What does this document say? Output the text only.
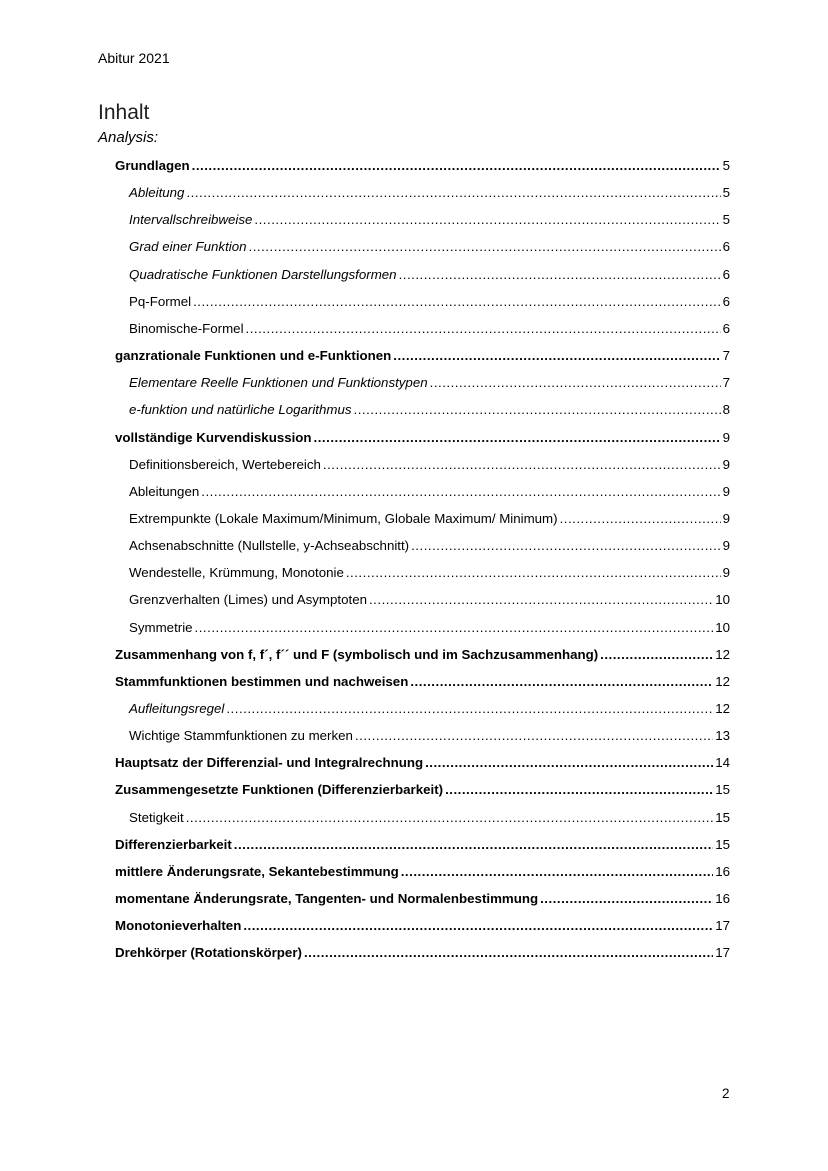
Abitur 2021
Inhalt
Analysis:
Grundlagen .....	5
Ableitung .....	5
Intervallschreibweise .....	5
Grad einer Funktion .....	6
Quadratische Funktionen Darstellungsformen .....	6
Pq-Formel .....	6
Binomische-Formel .....	6
ganzrationale Funktionen und e-Funktionen .....	7
Elementare Reelle Funktionen und Funktionstypen .....	7
e-funktion und natürliche Logarithmus .....	8
vollständige Kurvendiskussion .....	9
Definitionsbereich, Wertebereich .....	9
Ableitungen .....	9
Extrempunkte (Lokale Maximum/Minimum, Globale Maximum/ Minimum) .....	9
Achsenabschnitte (Nullstelle, y-Achseabschnitt) .....	9
Wendestelle, Krümmung, Monotonie .....	9
Grenzverhalten (Limes) und Asymptoten .....	10
Symmetrie .....	10
Zusammenhang von f, f´, f´´ und F (symbolisch und im Sachzusammenhang) .....	12
Stammfunktionen bestimmen und nachweisen .....	12
Aufleitungsregel .....	12
Wichtige Stammfunktionen zu merken .....	13
Hauptsatz der Differenzial- und Integralrechnung .....	14
Zusammengesetzte Funktionen (Differenzierbarkeit) .....	15
Stetigkeit .....	15
Differenzierbarkeit .....	15
mittlere Änderungsrate, Sekantebestimmung .....	16
momentane Änderungsrate, Tangenten- und Normalenbestimmung .....	16
Monotonieverhalten .....	17
Drehkörper (Rotationskörper) .....	17
2
